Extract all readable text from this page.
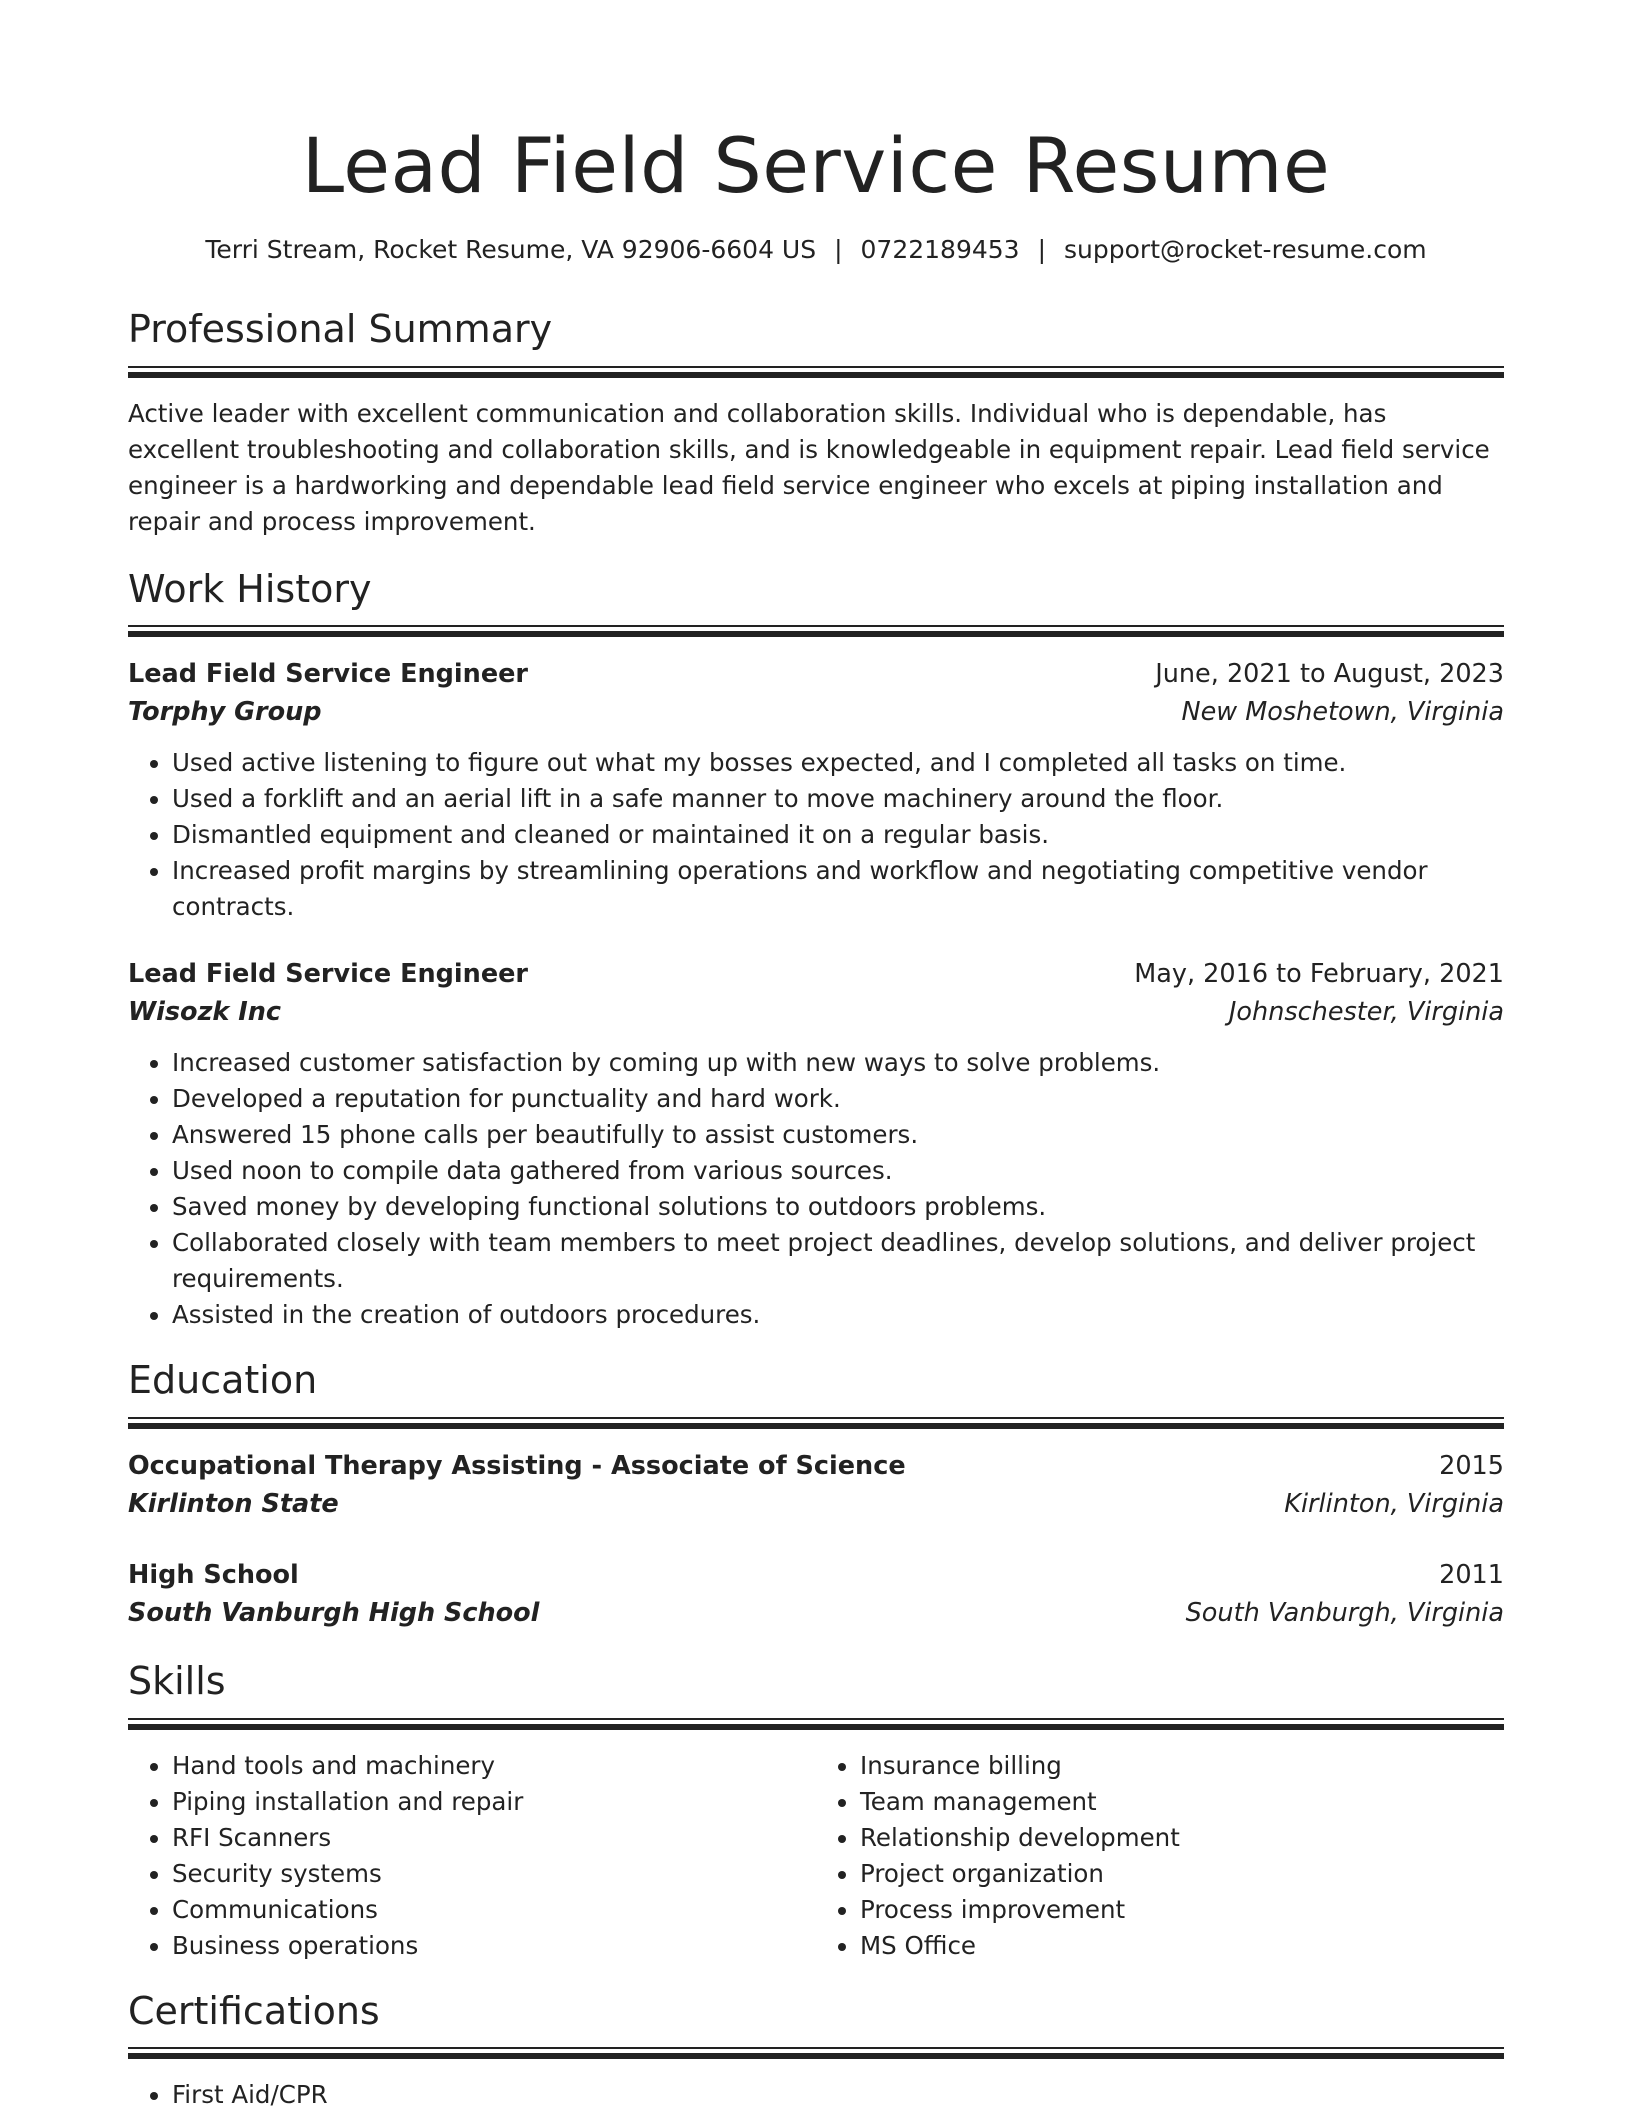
Lead Field Service Resume
Terri Stream, Rocket Resume, VA 92906-6604 US | 0722189453 | support@rocket-resume.com
Professional Summary

Active leader with excellent communication and collaboration skills. Individual who is dependable, has excellent troubleshooting and collaboration skills, and is knowledgeable in equipment repair. Lead field service engineer is a hardworking and dependable lead field service engineer who excels at piping installation and repair and process improvement.

Work History
Lead Field Service Engineer	June, 2021 to August, 2023
Torphy Group	New Moshetown, Virginia
• Used active listening to figure out what my bosses expected, and I completed all tasks on time.
• Used a forklift and an aerial lift in a safe manner to move machinery around the floor.
• Dismantled equipment and cleaned or maintained it on a regular basis.
• Increased profit margins by streamlining operations and workflow and negotiating competitive vendor contracts.
Lead Field Service Engineer	May, 2016 to February, 2021
Wisozk Inc	Johnschester, Virginia
• Increased customer satisfaction by coming up with new ways to solve problems.
• Developed a reputation for punctuality and hard work.
• Answered 15 phone calls per beautifully to assist customers.
• Used noon to compile data gathered from various sources.
• Saved money by developing functional solutions to outdoors problems.
• Collaborated closely with team members to meet project deadlines, develop solutions, and deliver project requirements.
• Assisted in the creation of outdoors procedures.
Education
Occupational Therapy Assisting - Associate of Science	2015
Kirlinton State	Kirlinton, Virginia
High School	2011
South Vanburgh High School	South Vanburgh, Virginia
Skills
• Hand tools and machinery
• Piping installation and repair
• RFI Scanners
• Security systems
• Communications
• Business operations
• Insurance billing
• Team management
• Relationship development
• Project organization
• Process improvement
• MS Office
Certifications
• First Aid/CPR
